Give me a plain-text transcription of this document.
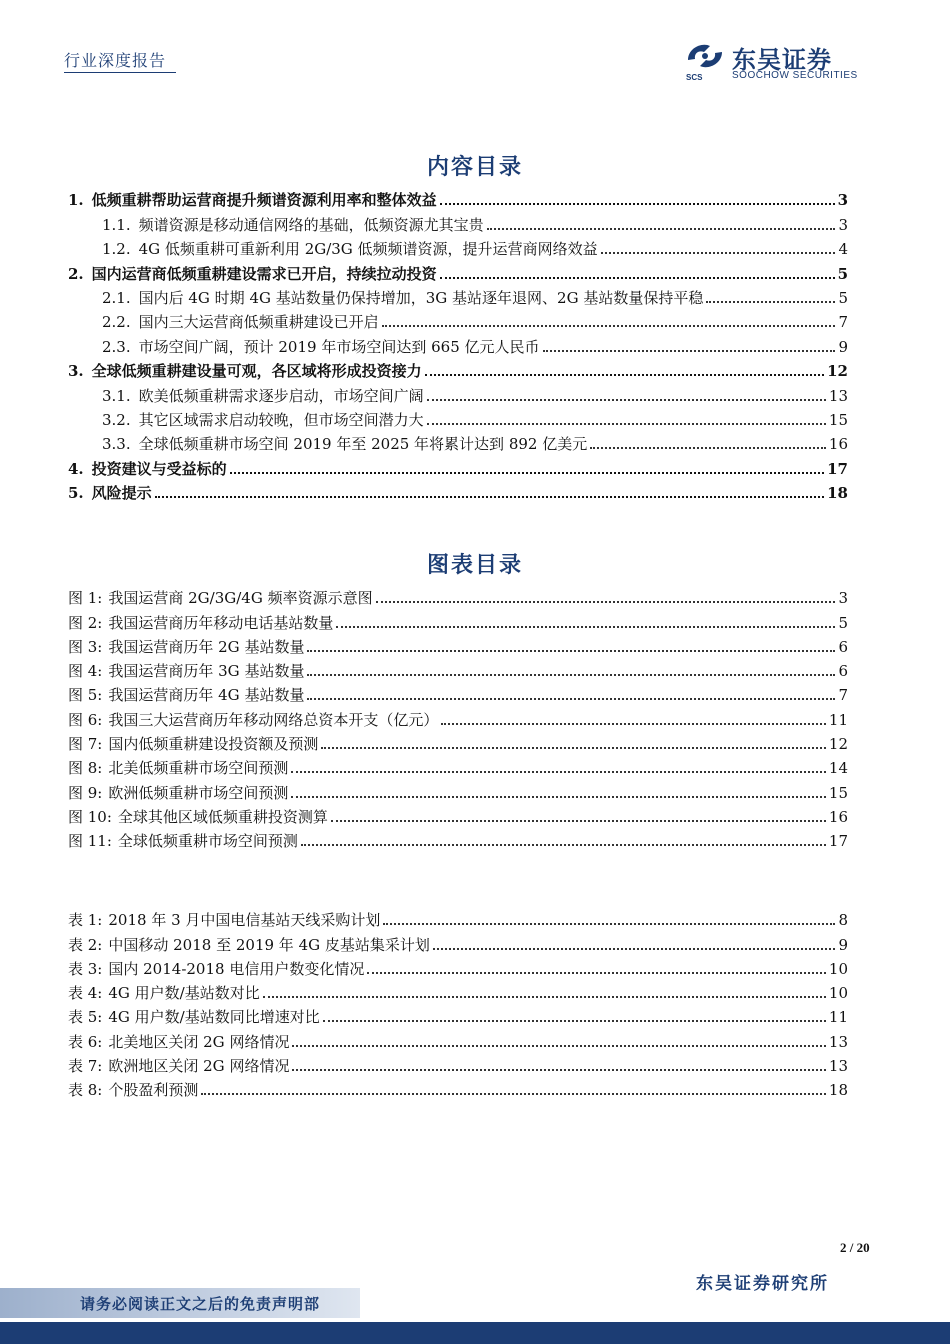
行业深度报告
SCS
东吴证券
SOOCHOW SECURITIES
内容目录
1. 低频重耕帮助运营商提升频谱资源利用率和整体效益	3
1.1. 频谱资源是移动通信网络的基础，低频资源尤其宝贵	3
1.2. 4G 低频重耕可重新利用 2G/3G 低频频谱资源，提升运营商网络效益	4
2. 国内运营商低频重耕建设需求已开启，持续拉动投资	5
2.1. 国内后 4G 时期 4G 基站数量仍保持增加，3G 基站逐年退网、2G 基站数量保持平稳	5
2.2. 国内三大运营商低频重耕建设已开启	7
2.3. 市场空间广阔，预计 2019 年市场空间达到 665 亿元人民币	9
3. 全球低频重耕建设量可观，各区域将形成投资接力	12
3.1. 欧美低频重耕需求逐步启动，市场空间广阔	13
3.2. 其它区域需求启动较晚，但市场空间潜力大	15
3.3. 全球低频重耕市场空间 2019 年至 2025 年将累计达到 892 亿美元	16
4. 投资建议与受益标的	17
5. 风险提示	18
图表目录
图 1: 我国运营商 2G/3G/4G 频率资源示意图	3
图 2: 我国运营商历年移动电话基站数量	5
图 3: 我国运营商历年 2G 基站数量	6
图 4: 我国运营商历年 3G 基站数量	6
图 5: 我国运营商历年 4G 基站数量	7
图 6: 我国三大运营商历年移动网络总资本开支（亿元）	11
图 7: 国内低频重耕建设投资额及预测	12
图 8: 北美低频重耕市场空间预测	14
图 9: 欧洲低频重耕市场空间预测	15
图 10: 全球其他区域低频重耕投资测算	16
图 11: 全球低频重耕市场空间预测	17
表 1: 2018 年 3 月中国电信基站天线采购计划	8
表 2: 中国移动 2018 至 2019 年 4G 皮基站集采计划	9
表 3: 国内 2014-2018 电信用户数变化情况	10
表 4: 4G 用户数/基站数对比	10
表 5: 4G 用户数/基站数同比增速对比	11
表 6: 北美地区关闭 2G 网络情况	13
表 7: 欧洲地区关闭 2G 网络情况	13
表 8: 个股盈利预测	18
2 / 20
东吴证券研究所
请务必阅读正文之后的免责声明部
